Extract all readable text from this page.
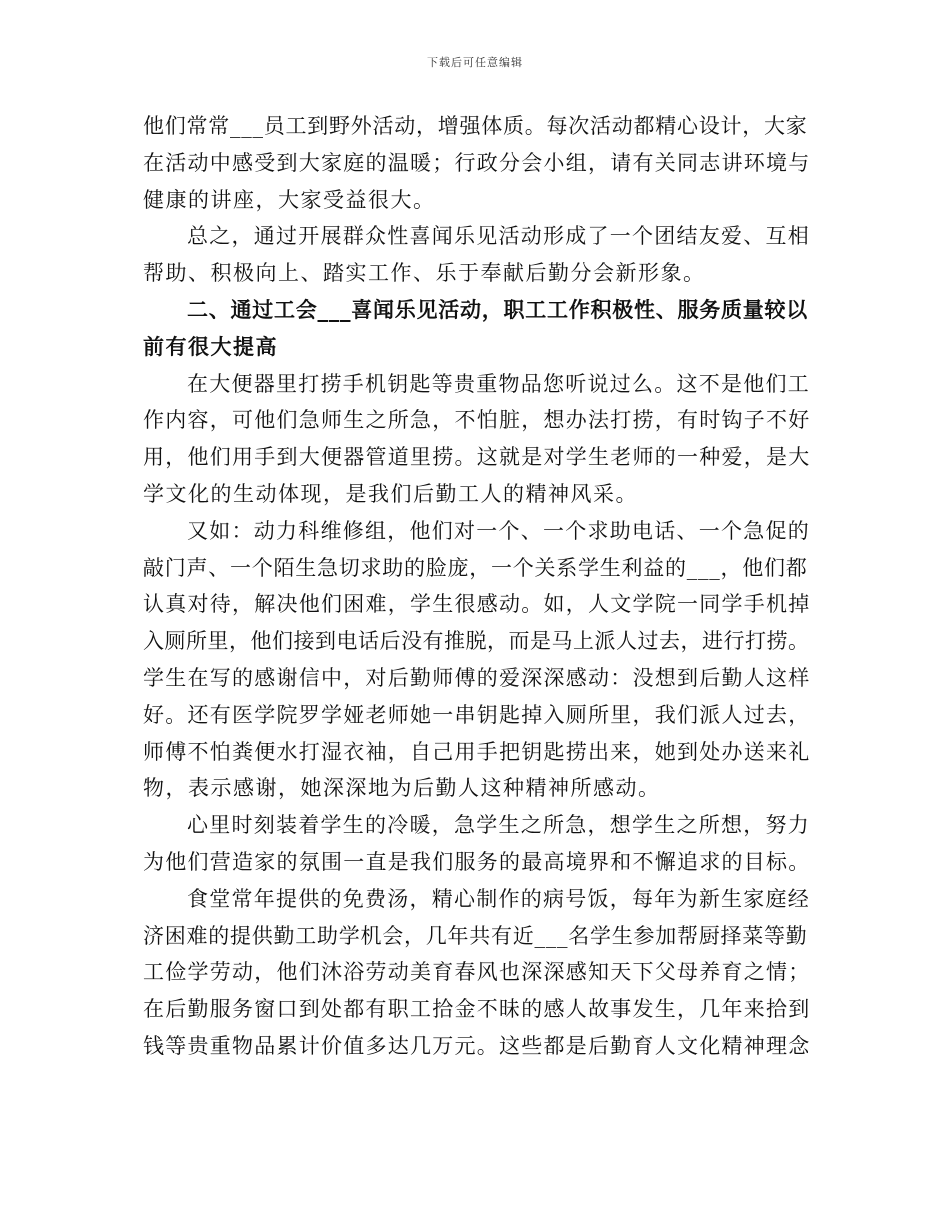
下载后可任意编辑
他们常常___员工到野外活动，增强体质。每次活动都精心设计，大家
在活动中感受到大家庭的温暖；行政分会小组，请有关同志讲环境与
健康的讲座，大家受益很大。
总之，通过开展群众性喜闻乐见活动形成了一个团结友爱、互相
帮助、积极向上、踏实工作、乐于奉献后勤分会新形象。
二、通过工会___喜闻乐见活动，职工工作积极性、服务质量较以
前有很大提高
在大便器里打捞手机钥匙等贵重物品您听说过么。这不是他们工
作内容，可他们急师生之所急，不怕脏，想办法打捞，有时钩子不好
用，他们用手到大便器管道里捞。这就是对学生老师的一种爱，是大
学文化的生动体现，是我们后勤工人的精神风采。
又如：动力科维修组，他们对一个、一个求助电话、一个急促的
敲门声、一个陌生急切求助的脸庞，一个关系学生利益的___，他们都
认真对待，解决他们困难，学生很感动。如，人文学院一同学手机掉
入厕所里，他们接到电话后没有推脱，而是马上派人过去，进行打捞。
学生在写的感谢信中，对后勤师傅的爱深深感动：没想到后勤人这样
好。还有医学院罗学娅老师她一串钥匙掉入厕所里，我们派人过去，
师傅不怕粪便水打湿衣袖，自己用手把钥匙捞出来，她到处办送来礼
物，表示感谢，她深深地为后勤人这种精神所感动。
心里时刻装着学生的冷暖，急学生之所急，想学生之所想，努力
为他们营造家的氛围一直是我们服务的最高境界和不懈追求的目标。
食堂常年提供的免费汤，精心制作的病号饭，每年为新生家庭经
济困难的提供勤工助学机会，几年共有近___名学生参加帮厨择菜等勤
工俭学劳动，他们沐浴劳动美育春风也深深感知天下父母养育之情；
在后勤服务窗口到处都有职工拾金不昧的感人故事发生，几年来拾到
钱等贵重物品累计价值多达几万元。这些都是后勤育人文化精神理念
